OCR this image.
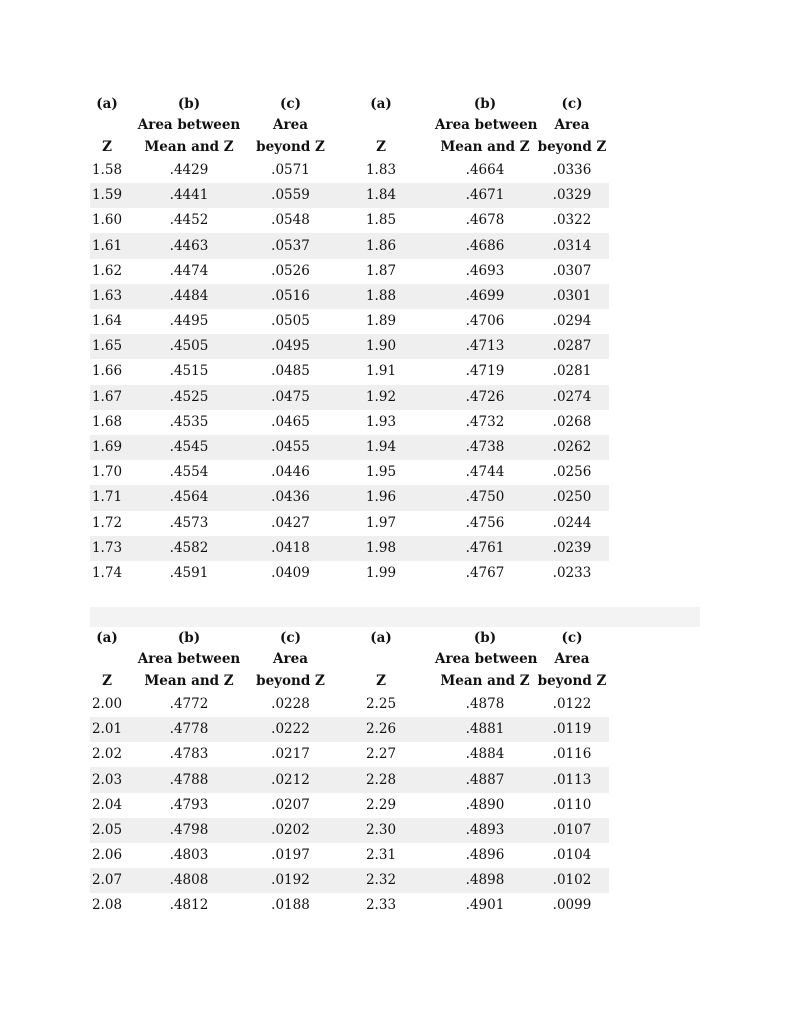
(a)	(b)	(c)	(a)	(b)	(c)
	Area between	Area		Area between	Area
Z	Mean and Z	beyond Z	Z	Mean and Z	beyond Z
1.58	.4429	.0571	1.83	.4664	.0336
1.59	.4441	.0559	1.84	.4671	.0329
1.60	.4452	.0548	1.85	.4678	.0322
1.61	.4463	.0537	1.86	.4686	.0314
1.62	.4474	.0526	1.87	.4693	.0307
1.63	.4484	.0516	1.88	.4699	.0301
1.64	.4495	.0505	1.89	.4706	.0294
1.65	.4505	.0495	1.90	.4713	.0287
1.66	.4515	.0485	1.91	.4719	.0281
1.67	.4525	.0475	1.92	.4726	.0274
1.68	.4535	.0465	1.93	.4732	.0268
1.69	.4545	.0455	1.94	.4738	.0262
1.70	.4554	.0446	1.95	.4744	.0256
1.71	.4564	.0436	1.96	.4750	.0250
1.72	.4573	.0427	1.97	.4756	.0244
1.73	.4582	.0418	1.98	.4761	.0239
1.74	.4591	.0409	1.99	.4767	.0233
(a)	(b)	(c)	(a)	(b)	(c)
	Area between	Area		Area between	Area
Z	Mean and Z	beyond Z	Z	Mean and Z	beyond Z
2.00	.4772	.0228	2.25	.4878	.0122
2.01	.4778	.0222	2.26	.4881	.0119
2.02	.4783	.0217	2.27	.4884	.0116
2.03	.4788	.0212	2.28	.4887	.0113
2.04	.4793	.0207	2.29	.4890	.0110
2.05	.4798	.0202	2.30	.4893	.0107
2.06	.4803	.0197	2.31	.4896	.0104
2.07	.4808	.0192	2.32	.4898	.0102
2.08	.4812	.0188	2.33	.4901	.0099
